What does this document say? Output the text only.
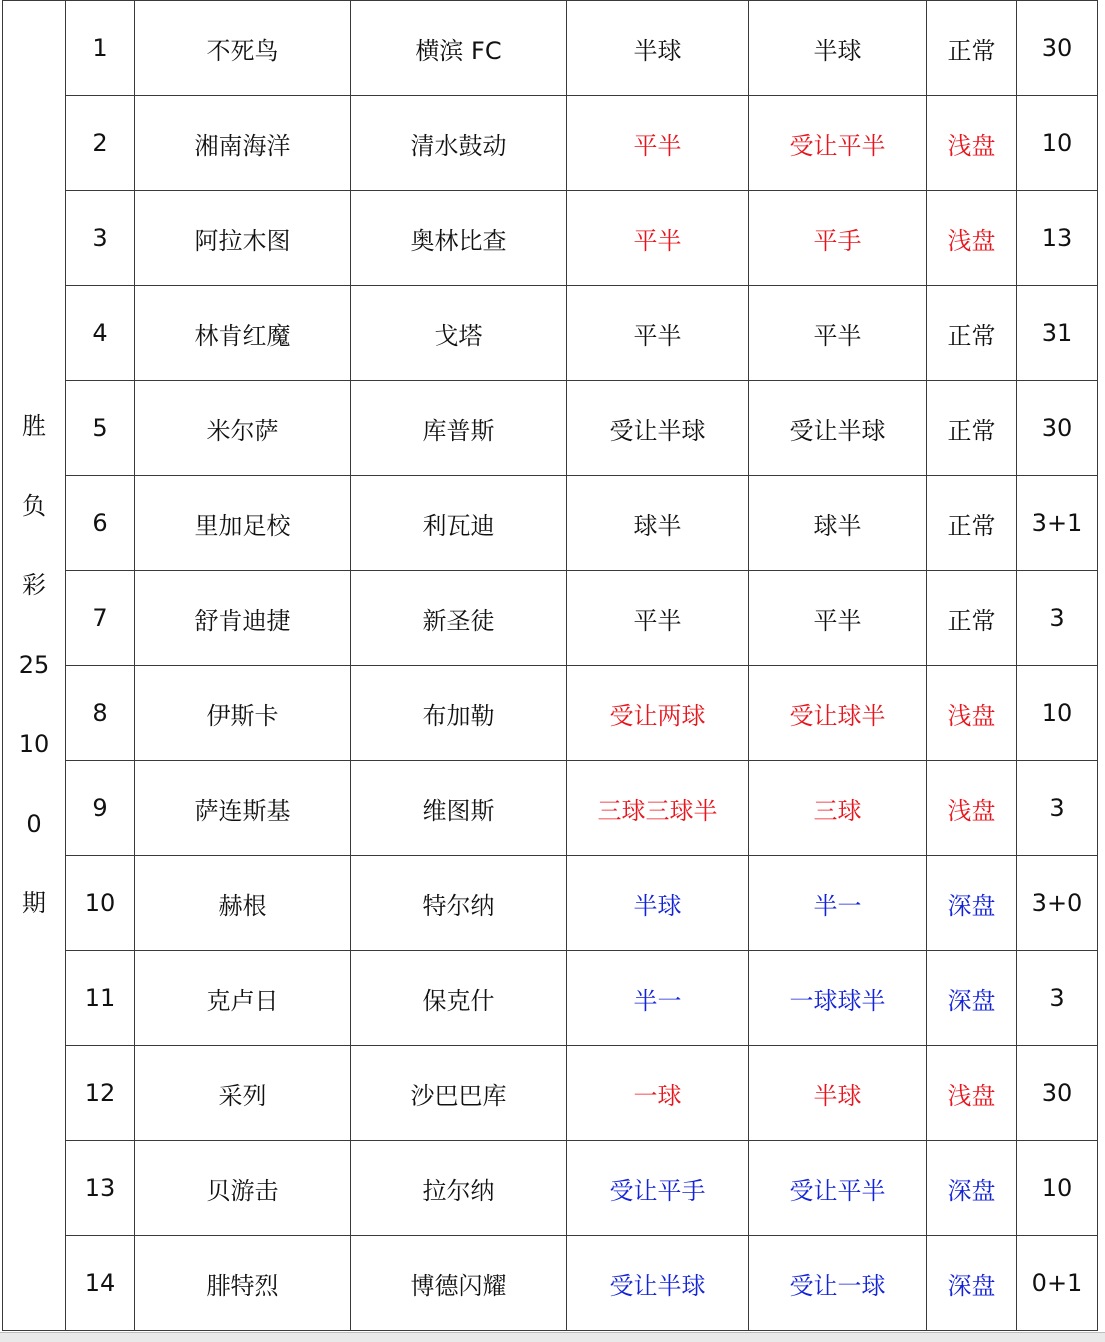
胜负彩25100期	1	不死鸟	横滨 FC	半球	半球	正常	30
	2	湘南海洋	清水鼓动	平半	受让平半	浅盘	10
	3	阿拉木图	奥林比查	平半	平手	浅盘	13
	4	林肯红魔	戈塔	平半	平半	正常	31
	5	米尔萨	库普斯	受让半球	受让半球	正常	30
	6	里加足校	利瓦迪	球半	球半	正常	3+1
	7	舒肯迪捷	新圣徒	平半	平半	正常	3
	8	伊斯卡	布加勒	受让两球	受让球半	浅盘	10
	9	萨连斯基	维图斯	三球三球半	三球	浅盘	3
	10	赫根	特尔纳	半球	半一	深盘	3+0
	11	克卢日	保克什	半一	一球球半	深盘	3
	12	采列	沙巴巴库	一球	半球	浅盘	30
	13	贝游击	拉尔纳	受让平手	受让平半	深盘	10
	14	腓特烈	博德闪耀	受让半球	受让一球	深盘	0+1
